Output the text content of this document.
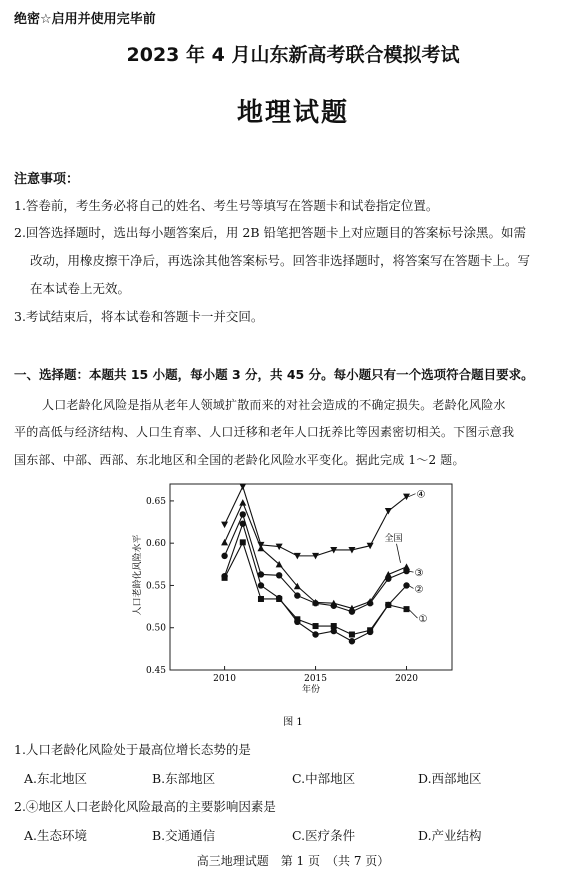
绝密☆启用并使用完毕前
2023 年 4 月山东新高考联合模拟考试
地理试题
注意事项：
1.答卷前，考生务必将自己的姓名、考生号等填写在答题卡和试卷指定位置。
2.回答选择题时，选出每小题答案后，用 2B 铅笔把答题卡上对应题目的答案标号涂黑。如需
改动，用橡皮擦干净后，再选涂其他答案标号。回答非选择题时，将答案写在答题卡上。写
在本试卷上无效。
3.考试结束后，将本试卷和答题卡一并交回。
一、选择题：本题共 15 小题，每小题 3 分，共 45 分。每小题只有一个选项符合题目要求。
人口老龄化风险是指从老年人领域扩散而来的对社会造成的不确定损失。老龄化风险水
平的高低与经济结构、人口生育率、人口迁移和老年人口抚养比等因素密切相关。下图示意我
国东部、中部、西部、东北地区和全国的老龄化风险水平变化。据此完成 1～2 题。
0.65
0.60
0.55
0.50
0.45
2010	2015	2020
④
全国
③
②
①
人口老龄化风险水平
年份
图 1
1.人口老龄化风险处于最高位增长态势的是
A.东北地区	B.东部地区	C.中部地区	D.西部地区
2.④地区人口老龄化风险最高的主要影响因素是
A.生态环境	B.交通通信	C.医疗条件	D.产业结构
高三地理试题　第 1 页　（共 7 页）
